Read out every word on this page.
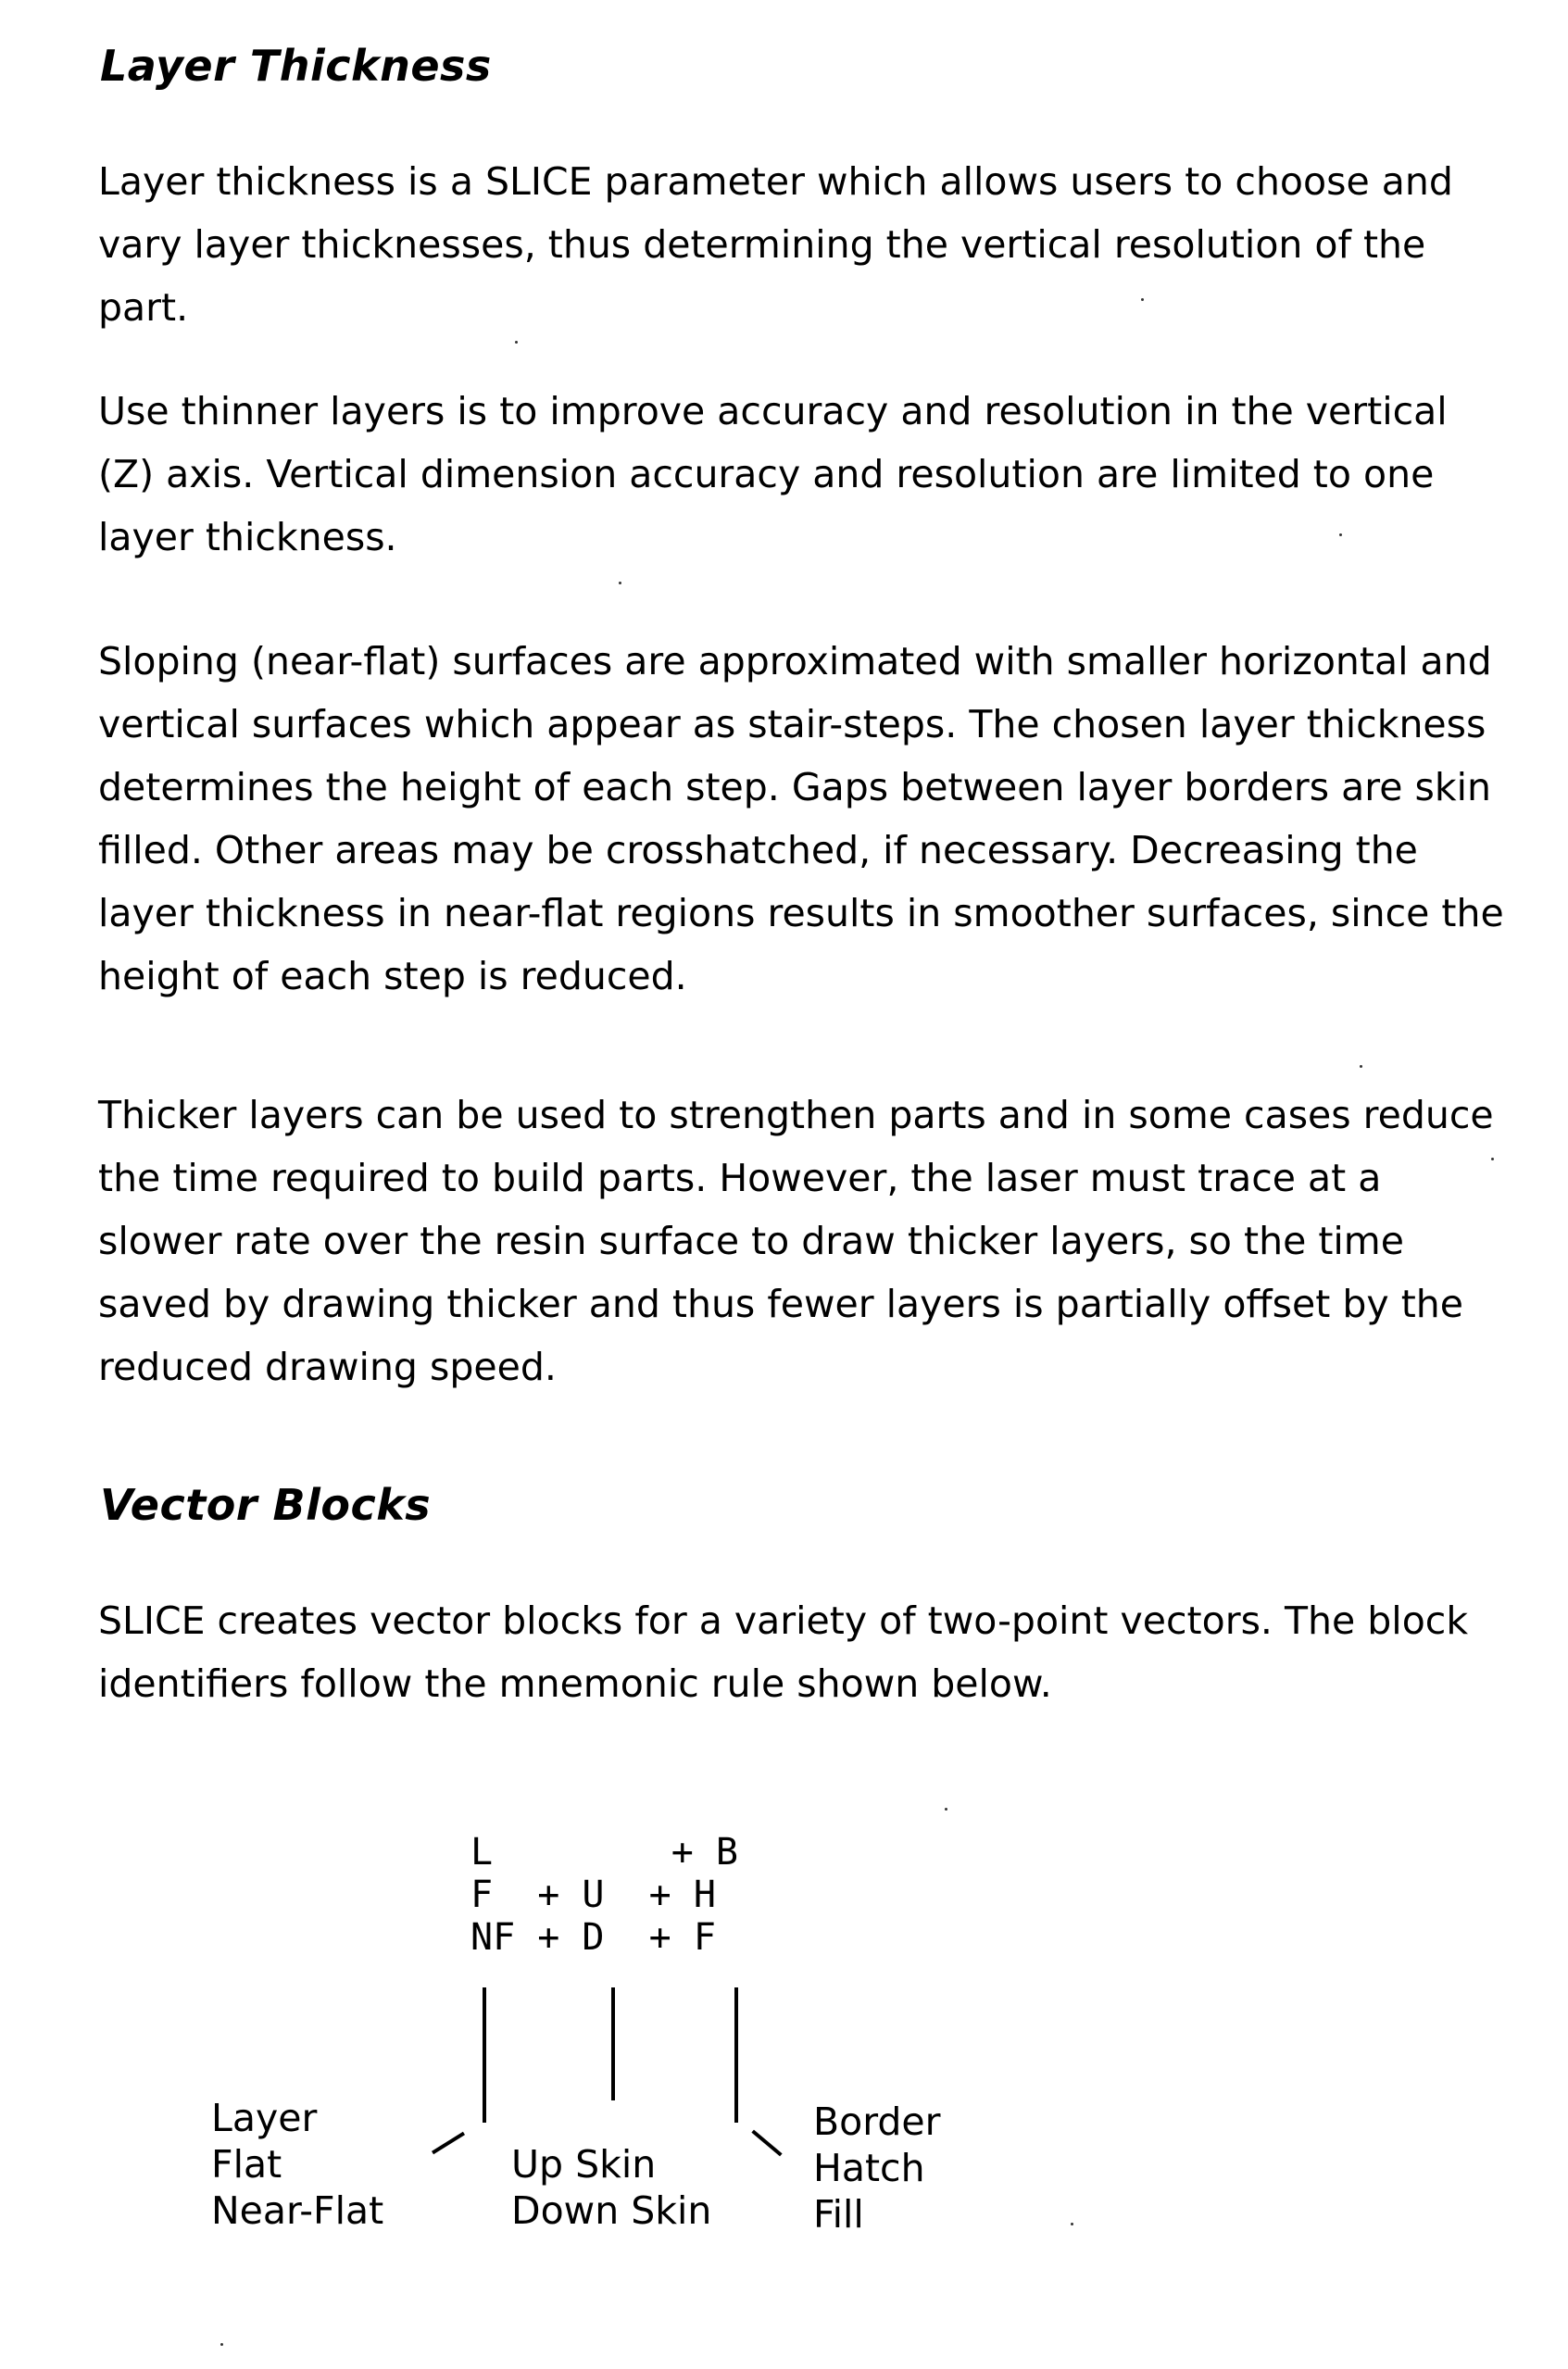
Layer Thickness

Layer thickness is a SLICE parameter which allows users to choose and vary layer thicknesses, thus determining the vertical resolution of the part.

Use thinner layers is to improve accuracy and resolution in the vertical (Z) axis. Vertical dimension accuracy and resolution are limited to one layer thickness.

Sloping (near-flat) surfaces are approximated with smaller horizontal and vertical surfaces which appear as stair-steps. The chosen layer thickness determines the height of each step. Gaps between layer borders are skin filled. Other areas may be crosshatched, if necessary. Decreasing the layer thickness in near-flat regions results in smoother surfaces, since the height of each step is reduced.

Thicker layers can be used to strengthen parts and in some cases reduce the time required to build parts. However, the laser must trace at a slower rate over the resin surface to draw thicker layers, so the time saved by drawing thicker and thus fewer layers is partially offset by the reduced drawing speed.

Vector Blocks

SLICE creates vector blocks for a variety of two-point vectors. The block identifiers follow the mnemonic rule shown below.

L        + B
F  + U  + H
NF + D  + F
Layer
Flat
Near-Flat
Up Skin
Down Skin
Border
Hatch
Fill
